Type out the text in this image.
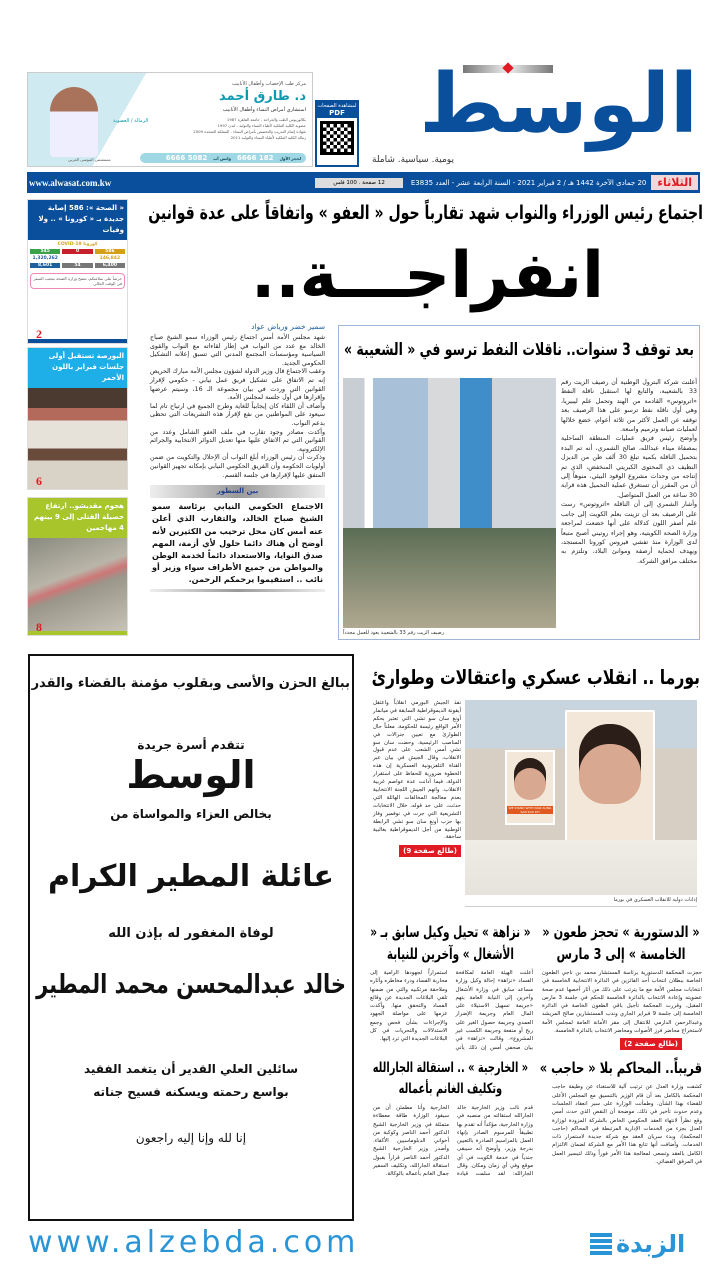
مركز طب الإخصاب وأطفال الأنابيب
د. طارق أحمد
استشاري أمراض النساء وأطفال الأنابيب
الزمالة / العضوية
مستشفى الموسى العربي
بكالوريوس الطب والجراحة - جامعة القاهرة 1987
عضوية الكلية الملكية لأطباء النساء والتوليد - لندن 1997
شهادة إتمام التدريب والتخصص بأمراض النساء - المملكة المتحدة 2009
زمالة الكلية الملكية لأطباء النساء والتوليد 2011
لحجز الأول
182 6666
واتس أب
5082 6666
لمشاهدة الصفحات
PDF الوسط
يومية. سياسية. شاملة
الثلاثاء
20 جمادى الآخرة 1442 هـ / 2 فبراير 2021 - السنة الرابعة عشر - العدد E3835
12 صفحة . 100 فلس
www.alwasat.com.kw
اجتماع رئيس الوزراء والنواب شهد تقارباً حول « العفو » واتفاقاً على عدة قوانين
انفراجـــة..
« الصحة »: 586 إصابة جديدة بـ « كورونا » .. ولا وفيات
كورونا COVID-19
586
0
545
146,842
1,320,262
6,400
54
8,601
حرصاً على سلامتكم، تنصح وزارة الصحة بتجنب السفر في الوقت الحالي
2
البورصة تستقبل أولى جلسات فبراير باللون الأحمر
6
هجوم مقديشو.. ارتفاع حصيلة القتلى إلى 9 بينهم 4 مهاجمين
8
سمير خضر ورياض عواد

شهد مجلس الأمة أمس اجتماع رئيس الوزراء سمو الشيخ صباح الخالد مع عدد من النواب في إطار لقاءاته مع النواب والقوى السياسية ومؤسسات المجتمع المدني التي تسبق إعلانه التشكيل الحكومي الجديد.

وعقب الاجتماع قال وزير الدولة لشؤون مجلس الأمة مبارك الحريص إنه تم الاتفاق على تشكيل فريق عمل نيابي - حكومي لإقرار القوانين التي وردت في بيان مجموعة الـ 16، وسيتم عرضها وإقرارها في أول جلسة لمجلس الأمة.

وأضاف أن اللقاء كان إيجابياً للغاية وطرح الجميع في ارتياح تام لما سيعود على المواطنين من نفع لإقرار هذه التشريعات التي تحظى بدعم النواب.

وأكدت مصادر وجود تقارب في ملف العفو الشامل وعدد من القوانين التي تم الاتفاق عليها منها تعديل الدوائر الانتخابية والجرائم الإلكترونية.

وذكرت أن رئيس الوزراء أبلغ النواب أن الإحلال والتكويت من ضمن أولويات الحكومة وأن الفريق الحكومي النيابي بإمكانه تجهيز القوانين المتفق عليها لإقرارها في جلسة القسم.

بين السطور
الاجتماع الحكومي النيابي برئاسة سمو الشيخ صباح الخالد، والتقارب الذي أعلن عنه أمس كان محل ترحيب من الكثيرين لأنه أوضح أن هناك دائما حلول لأي أزمة، المهم صدق النوايا، والاستعداد دائماً لخدمة الوطن والمواطن من جميع الأطراف سواء وزير أو نائب .. استقيموا يرحمكم الرحمن.
بعد توقف 3 سنوات.. ناقلات النفط ترسو في « الشعيبة »
رصيف الزيت رقم 33 بالشعيبة يعود للعمل مجدداً

أعلنت شركة البترول الوطنية أن رصيف الزيت رقم 33 بالشعيبة، والتابع لها استقبل ناقلة النفط «اتروتوس» القادمة من الهند وتحمل علم ليبيريا، وهي أول ناقلة نفط ترسو على هذا الرصيف بعد توقفه عن العمل لأكثر من ثلاثة أعوام، خضع خلالها لعمليات صيانة وترميم واسعة.

وأوضح رئيس فريق عمليات المنطقة الساحلية بمصفاة ميناء عبدالله، صالح الشمري، أنه تم البدء بتحميل الناقلة بكمية تبلغ 30 ألف طن من الديزل النظيف ذي المحتوى الكبريتي المنخفض، الذي تم إنتاجه من وحدات مشروع الوقود البيئي، منوهاً إلى أن من المقرر أن تستغرق عملية التحميل هذه قرابة 30 ساعة من العمل المتواصل.

وأشار الشمري إلى أن الناقلة «اتروتوس» رست على الرصيف بعد أن تزينت بعلم الكويت إلى جانب علم أصفر اللون كدلالة على أنها خضعت لمراجعة وزارة الصحة الكويتية، وهو إجراء روتيني أصبح متبعاً لدى الوزارة منذ تفشي فيروس كورونا المستجد، ويهدف لحماية أرصفة وموانئ البلاد، وتلتزم به مختلف مرافق الشركة.

ببالغ الحزن والأسى وبقلوب مؤمنة بالقضاء والقدر
تتقدم أسرة جريدة
الوسط
بخالص العزاء والمواساة من
عائلة المطير الكرام
لوفاة المغفور له بإذن الله
خالد عبدالمحسن محمد المطير
سائلين العلي القدير أن يتغمد الفقيد
بواسع رحمته ويسكنه فسيح جناته
إنا لله وإنا إليه راجعون
بورما .. انقلاب عسكري واعتقالات وطوارئ
نفذ الجيش البورمي انقلاباً واعتقل أيقونة الديموقراطية السابقة في ميانمار أونغ سان سو تشي التي تعتبر بحكم الأمر الواقع رئيسة للحكومة، معلناً حال الطوارئ مع تعيين جنرالات في المناصب الرئيسية. وحضت سان سو تشي أمس الشعب على عدم قبول الانقلاب، وقال الجيش في بيان عبر القناة التلفزيونية العسكرية إن هذه الخطوة ضرورية للحفاظ على استقرار الدولة، فيما أدانت عدة عواصم غربية الانقلاب. واتهم الجيش اللجنة الانتخابية بعدم معالجة المخالفات الهائلة التي حدثت، على حد قوله، خلال الانتخابات التشريعية التي جرت في نوفمبر وفاز بها حزب أونغ سان سو تشي الرابطة الوطنية من أجل الديموقراطية بغالبية ساحقة.
(طالع صفحة 9)
WE STAND WITH DAW AUNG SAN SUU KYI
إدانات دولية للانقلاب العسكري في بورما
« الدستورية » تحجز طعون « الخامسة » إلى 3 مارس
حجزت المحكمة الدستورية برئاسة المستشار محمد بن ناجي الطعون الخاصة ببطلان انتخاب أحد الفائزين في الدائرة الانتخابية الخامسة في انتخابات مجلس الأمة مع ما يترتب على ذلك من آثار أخصها عدم صحة عضويته وإعادة الانتخاب بالدائرة الخامسة للحكم في جلسة 3 مارس المقبل. وقررت المحكمة تأجيل باقي الطعون الخاصة في الدائرة الخامسة إلى جلسة 9 فبراير الجاري وندب المستشارين صالح المريشد وعبدالرحمن الدارمي للانتقال إلى مقر الأمانة العامة لمجلس الأمة لاستخراج محاضر فرز الأصوات ومحاضر الانتخاب بالدائرة الخامسة.
(طالع صفحة 2)
قريباً.. المحاكم بلا « حاجب »
كشفت وزارة العدل عن ترتيب آلية للاستغناء عن وظيفة حاجب المحكمة بالكامل بعد أن قام الوزير بالتنسيق مع المجلس الأعلى للقضاء بهذا الشأن. وطمأنت الوزارة على سير انعقاد الجلسات وعدم حدوث تأخير في ذلك، موضحة أن النقص الذي حدث أمس وقع نظراً لانتهاء العقد الحكومي الخاص بالشركة المزودة لوزارة العدل بجزء من الخدمات الإدارية المرتبطة في المحاكم (حاجب المحكمة)، وبدء سريان العقد مع شركة جديدة لاستمرار ذات الخدمات. وأضافت أنها تتابع هذا الأمر مع الشركة لضمان الالتزام الكامل بالعقد وتسعى لمعالجة هذا الأمر فوراً وذلك لتيسير العمل في المرفق القضائي.
« نزاهة » تحيل وكيل سابق بـ « الأشغال » وآخرين للنيابة
أعلنت الهيئة العامة لمكافحة الفساد «نزاهة» إحالة وكيل وزارة مساعد سابق في وزارة الأشغال وآخرين إلى النيابة العامة بتهم «جريمة تسهيل الاستيلاء على المال العام وجريمة الإضرار العمدي وجريمة حصول الغير على ربح أو منفعة وجريمة الكسب غير المشروع». وقالت «نزاهة» في بيان صحفي أمس إن ذلك يأتي استمراراً لجهودها الرامية إلى محاربة الفساد ودرء مخاطره وآثاره وملاحقة مرتكبيه والتي من ضمنها تلقي البلاغات الجديدة عن وقائع الفساد والتحقق منها. وأكدت عزمها على مواصلة الجهود والإجراءات بشأن فحص وجمع الاستدلالات والتحريات في كل البلاغات الجديدة التي ترد إليها.
« الخارجية » .. استقالة الجارالله وتكليف الغانم بأعماله
قدم نائب وزير الخارجية خالد الجارالله استقالته من منصبه في وزارة الخارجية، مؤكداً أنه تقدم بها تطبيقاً للمرسوم الصادر بإنهاء العمل بالمراسيم الصادرة بالتعيين بدرجة وزير، وأوضح أنه سيبقى جندياً في خدمة الكويت في أي موقع وفي أي زمان ومكان. وقال الجارالله: لقد سلمت قيادة الخارجية وأنا مطمئن أن من سيقود الوزارة طاقة معطاءة متمثلة في وزير الخارجية الشيخ الدكتور أحمد الناصر وكوكبة من أخواني الدبلوماسيين الأكفاء. وأصدر وزير الخارجية الشيخ الدكتور أحمد الناصر قراراً بقبول استقالة الجارالله، وتكليف السفير جمال الغانم بأعماله بالوكالة.
www.alzebda.com	الزبدة
